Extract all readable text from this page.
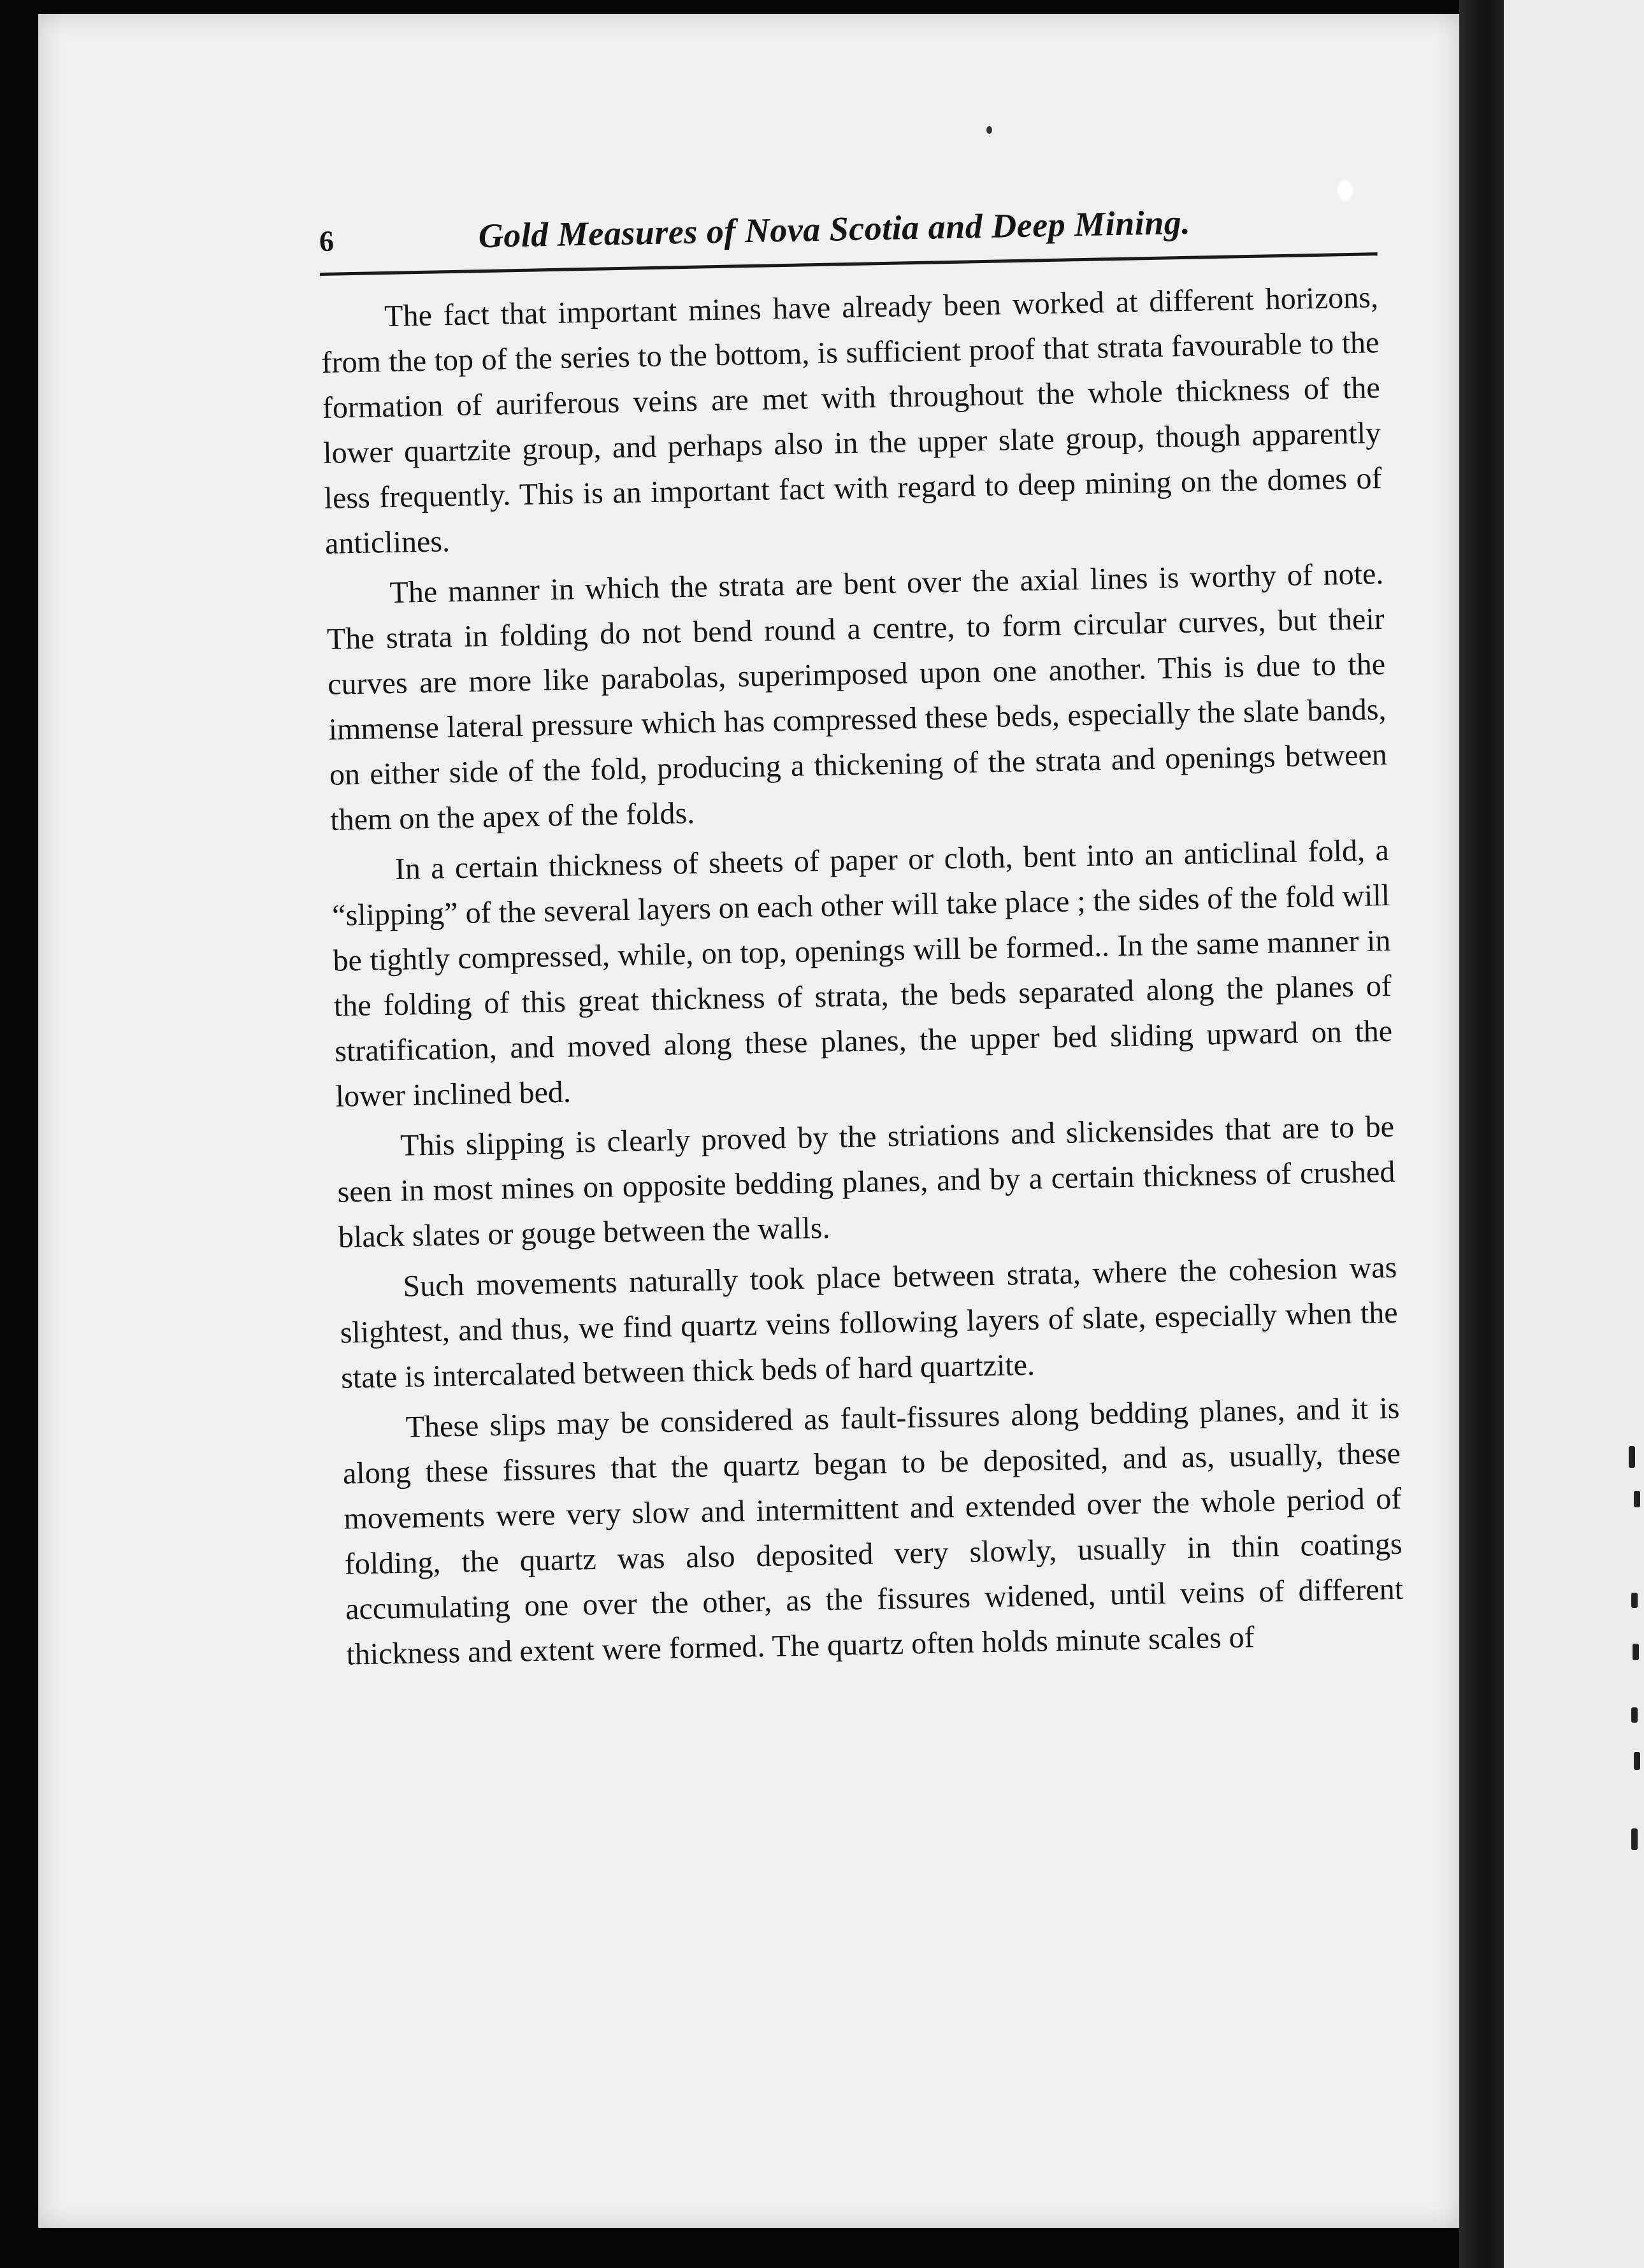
6	Gold Measures of Nova Scotia and Deep Mining.

The fact that important mines have already been worked at different horizons, from the top of the series to the bottom, is sufficient proof that strata favourable to the formation of auriferous veins are met with throughout the whole thickness of the lower quartzite group, and perhaps also in the upper slate group, though apparently less frequently. This is an important fact with regard to deep mining on the domes of anticlines.

The manner in which the strata are bent over the axial lines is worthy of note. The strata in folding do not bend round a centre, to form circular curves, but their curves are more like parabolas, superimposed upon one another. This is due to the immense lateral pressure which has compressed these beds, especially the slate bands, on either side of the fold, producing a thickening of the strata and openings between them on the apex of the folds.

In a certain thickness of sheets of paper or cloth, bent into an anticlinal fold, a “slipping” of the several layers on each other will take place ; the sides of the fold will be tightly compressed, while, on top, openings will be formed.. In the same manner in the folding of this great thickness of strata, the beds separated along the planes of stratification, and moved along these planes, the upper bed sliding upward on the lower inclined bed.

This slipping is clearly proved by the striations and slickensides that are to be seen in most mines on opposite bedding planes, and by a certain thickness of crushed black slates or gouge between the walls.

Such movements naturally took place between strata, where the cohesion was slightest, and thus, we find quartz veins following layers of slate, especially when the state is intercalated between thick beds of hard quartzite.

These slips may be considered as fault-fissures along bedding planes, and it is along these fissures that the quartz began to be deposited, and as, usually, these movements were very slow and intermittent and extended over the whole period of folding, the quartz was also deposited very slowly, usually in thin coatings accumulating one over the other, as the fissures widened, until veins of different thickness and extent were formed. The quartz often holds minute scales of
